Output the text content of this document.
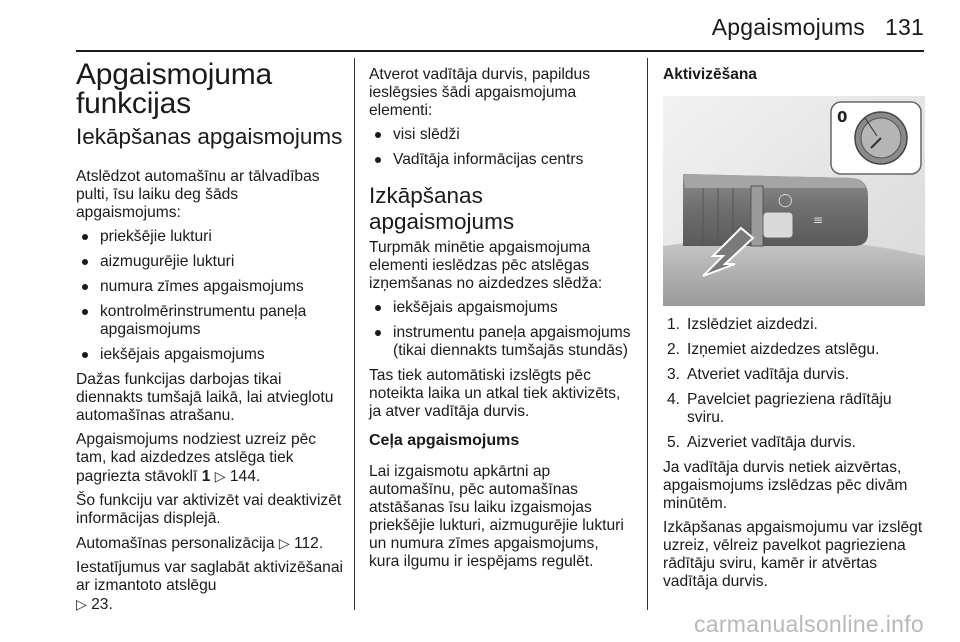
Apgaismojums 131
Apgaismojuma
funkcijas
Iekāpšanas apgaismojums

Atslēdzot automašīnu ar tālvadības pulti, īsu laiku deg šāds apgaismojums:

priekšējie lukturi
aizmugurējie lukturi
numura zīmes apgaismojums
kontrolmērinstrumentu paneļa apgaismojums
iekšējais apgaismojums

Dažas funkcijas darbojas tikai diennakts tumšajā laikā, lai atvieglotu automašīnas atrašanu.

Apgaismojums nodziest uzreiz pēc tam, kad aizdedzes atslēga tiek pagriezta stāvoklī 1 ▷ 144.

Šo funkciju var aktivizēt vai deaktivizēt informācijas displejā.

Automašīnas personalizācija ▷ 112.

Iestatījumus var saglabāt aktivizēšanai ar izmantoto atslēgu
▷ 23.

Atverot vadītāja durvis, papildus ieslēgsies šādi apgaismojuma elementi:

visi slēdži
Vadītāja informācijas centrs
Izkāpšanas apgaismojums

Turpmāk minētie apgaismojuma elementi ieslēdzas pēc atslēgas izņemšanas no aizdedzes slēdža:

iekšējais apgaismojums
instrumentu paneļa apgaismojums (tikai diennakts tumšajās stundās)

Tas tiek automātiski izslēgts pēc noteikta laika un atkal tiek aktivizēts, ja atver vadītāja durvis.

Ceļa apgaismojums

Lai izgaismotu apkārtni ap automašīnu, pēc automašīnas atstāšanas īsu laiku izgaismojas priekšējie lukturi, aizmugurējie lukturi un numura zīmes apgaismojums, kura ilgumu ir iespējams regulēt.

Aktivizēšana
◯
≡
0
1. Izslēdziet aizdedzi.
2. Izņemiet aizdedzes atslēgu.
3. Atveriet vadītāja durvis.
4. Pavelciet pagrieziena rādītāju sviru.
5. Aizveriet vadītāja durvis.

Ja vadītāja durvis netiek aizvērtas, apgaismojums izslēdzas pēc divām minūtēm.

Izkāpšanas apgaismojumu var izslēgt uzreiz, vēlreiz pavelkot pagrieziena rādītāju sviru, kamēr ir atvērtas vadītāja durvis.

carmanualsonline.info
